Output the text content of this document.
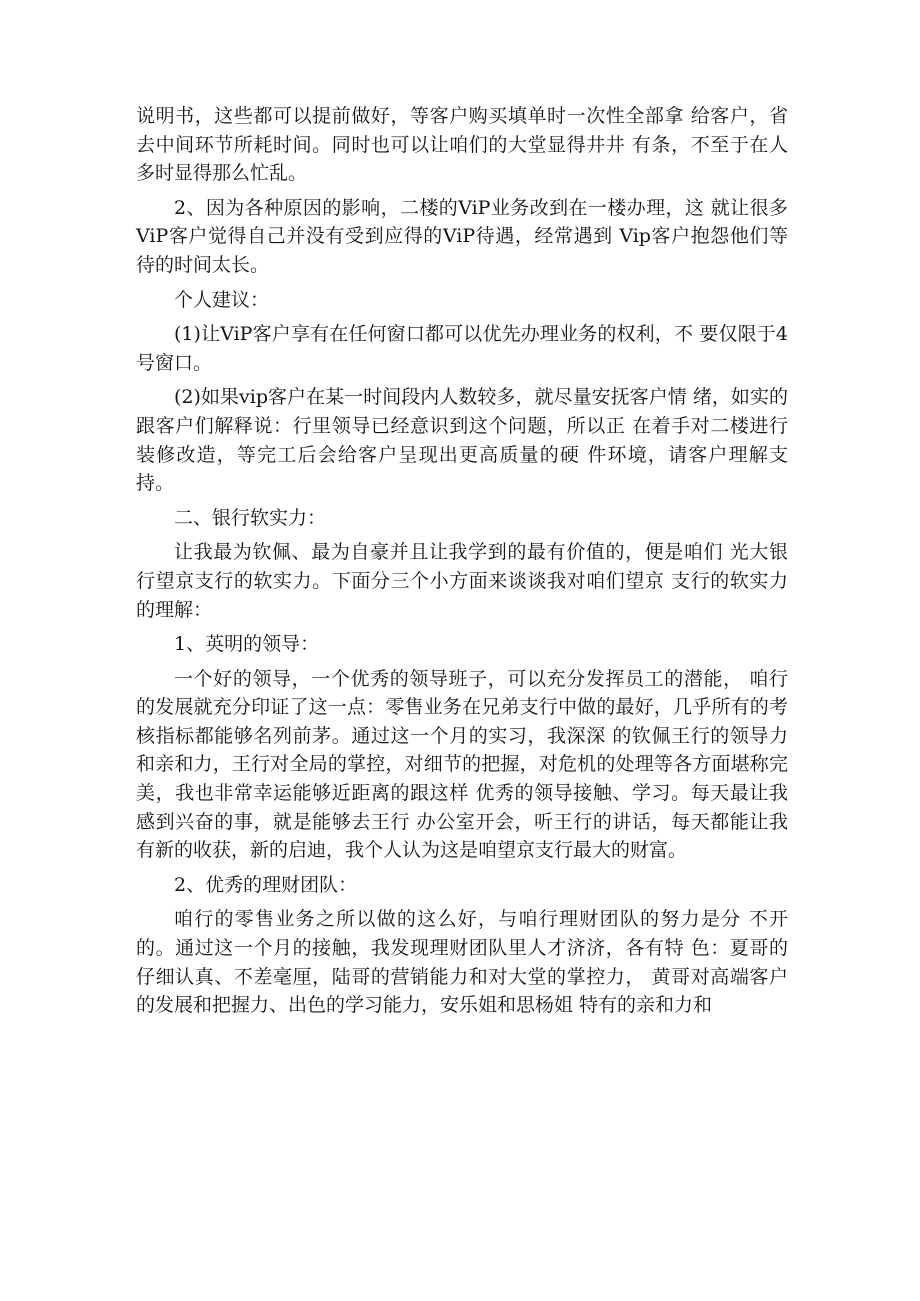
说明书，这些都可以提前做好，等客户购买填单时一次性全部拿 给客户，省去中间环节所耗时间。同时也可以让咱们的大堂显得井井 有条，不至于在人多时显得那么忙乱。

2、因为各种原因的影响，二楼的ViP业务改到在一楼办理，这 就让很多ViP客户觉得自己并没有受到应得的ViP待遇，经常遇到 Vip客户抱怨他们等待的时间太长。

个人建议：

(1)让ViP客户享有在任何窗口都可以优先办理业务的权利，不 要仅限于4号窗口。

(2)如果vip客户在某一时间段内人数较多，就尽量安抚客户情 绪，如实的跟客户们解释说：行里领导已经意识到这个问题，所以正 在着手对二楼进行装修改造，等完工后会给客户呈现出更高质量的硬 件环境，请客户理解支持。

二、银行软实力：

让我最为钦佩、最为自豪并且让我学到的最有价值的，便是咱们 光大银行望京支行的软实力。下面分三个小方面来谈谈我对咱们望京 支行的软实力的理解：

1、英明的领导：

一个好的领导，一个优秀的领导班子，可以充分发挥员工的潜能， 咱行的发展就充分印证了这一点：零售业务在兄弟支行中做的最好，几乎所有的考核指标都能够名列前茅。通过这一个月的实习，我深深 的钦佩王行的领导力和亲和力，王行对全局的掌控，对细节的把握，对危机的处理等各方面堪称完美，我也非常幸运能够近距离的跟这样 优秀的领导接触、学习。每天最让我感到兴奋的事，就是能够去王行 办公室开会，听王行的讲话，每天都能让我有新的收获，新的启迪，我个人认为这是咱望京支行最大的财富。

2、优秀的理财团队：

咱行的零售业务之所以做的这么好，与咱行理财团队的努力是分 不开的。通过这一个月的接触，我发现理财团队里人才济济，各有特 色：夏哥的仔细认真、不差毫厘，陆哥的营销能力和对大堂的掌控力， 黄哥对高端客户的发展和把握力、出色的学习能力，安乐姐和思杨姐 特有的亲和力和
